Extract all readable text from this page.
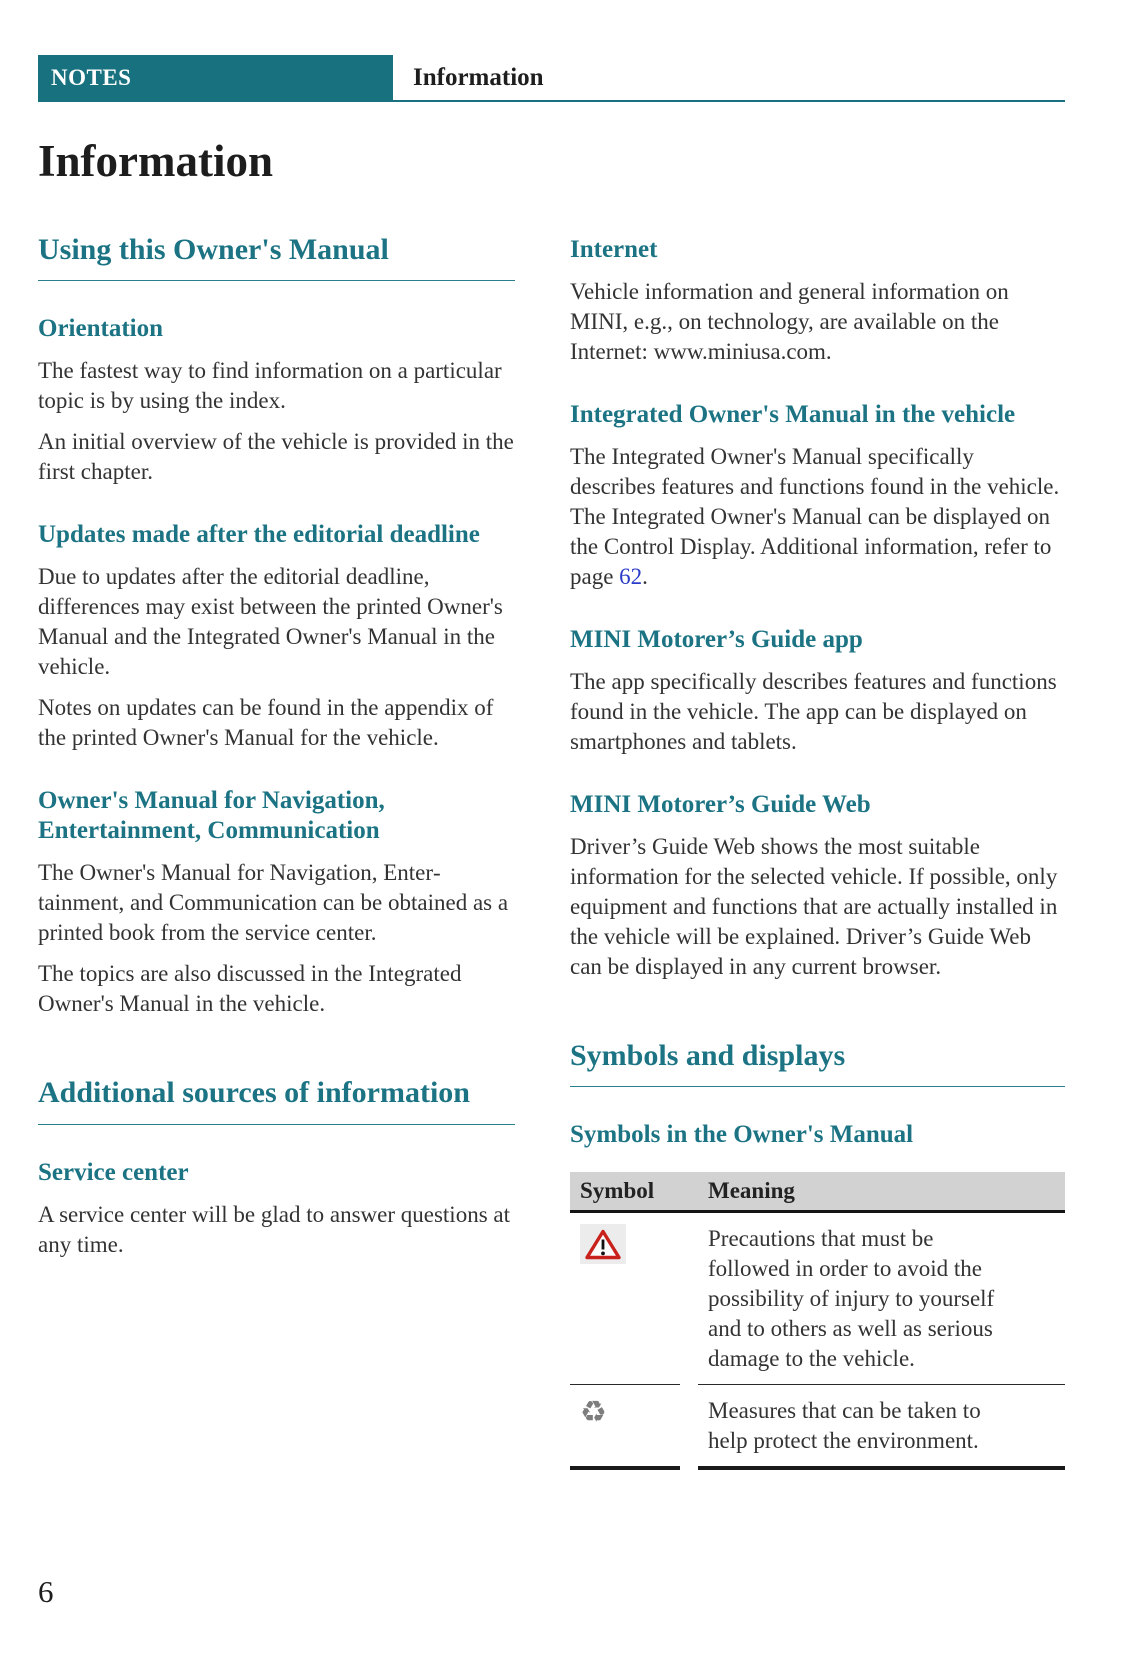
NOTES	Information
Information
Using this Owner's Manual
Orientation

The fastest way to find information on a particular topic is by using the index.

An initial overview of the vehicle is provided in the first chapter.

Updates made after the editorial deadline

Due to updates after the editorial deadline, differences may exist between the printed Owner's Manual and the Integrated Owner's Manual in the vehicle.

Notes on updates can be found in the appendix of the printed Owner's Manual for the vehicle.

Owner's Manual for Navigation, Entertainment, Communication

The Owner's Manual for Navigation, Entertainment, and Communication can be obtained as a printed book from the service center.

The topics are also discussed in the Integrated Owner's Manual in the vehicle.

Additional sources of information
Service center

A service center will be glad to answer questions at any time.

Internet

Vehicle information and general information on MINI, e.g., on technology, are available on the Internet: www.miniusa.com.

Integrated Owner's Manual in the vehicle

The Integrated Owner's Manual specifically describes features and functions found in the vehicle. The Integrated Owner's Manual can be displayed on the Control Display. Additional information, refer to page 62.

MINI Motorer’s Guide app

The app specifically describes features and functions found in the vehicle. The app can be displayed on smartphones and tablets.

MINI Motorer’s Guide Web

Driver’s Guide Web shows the most suitable information for the selected vehicle. If possible, only equipment and functions that are actually installed in the vehicle will be explained. Driver’s Guide Web can be displayed in any current browser.

Symbols and displays
Symbols in the Owner's Manual
Symbol		Meaning

		Precautions that must be followed in order to avoid the possibility of injury to yourself and to others as well as serious damage to the vehicle.
♻		Measures that can be taken to help protect the environment.
6
